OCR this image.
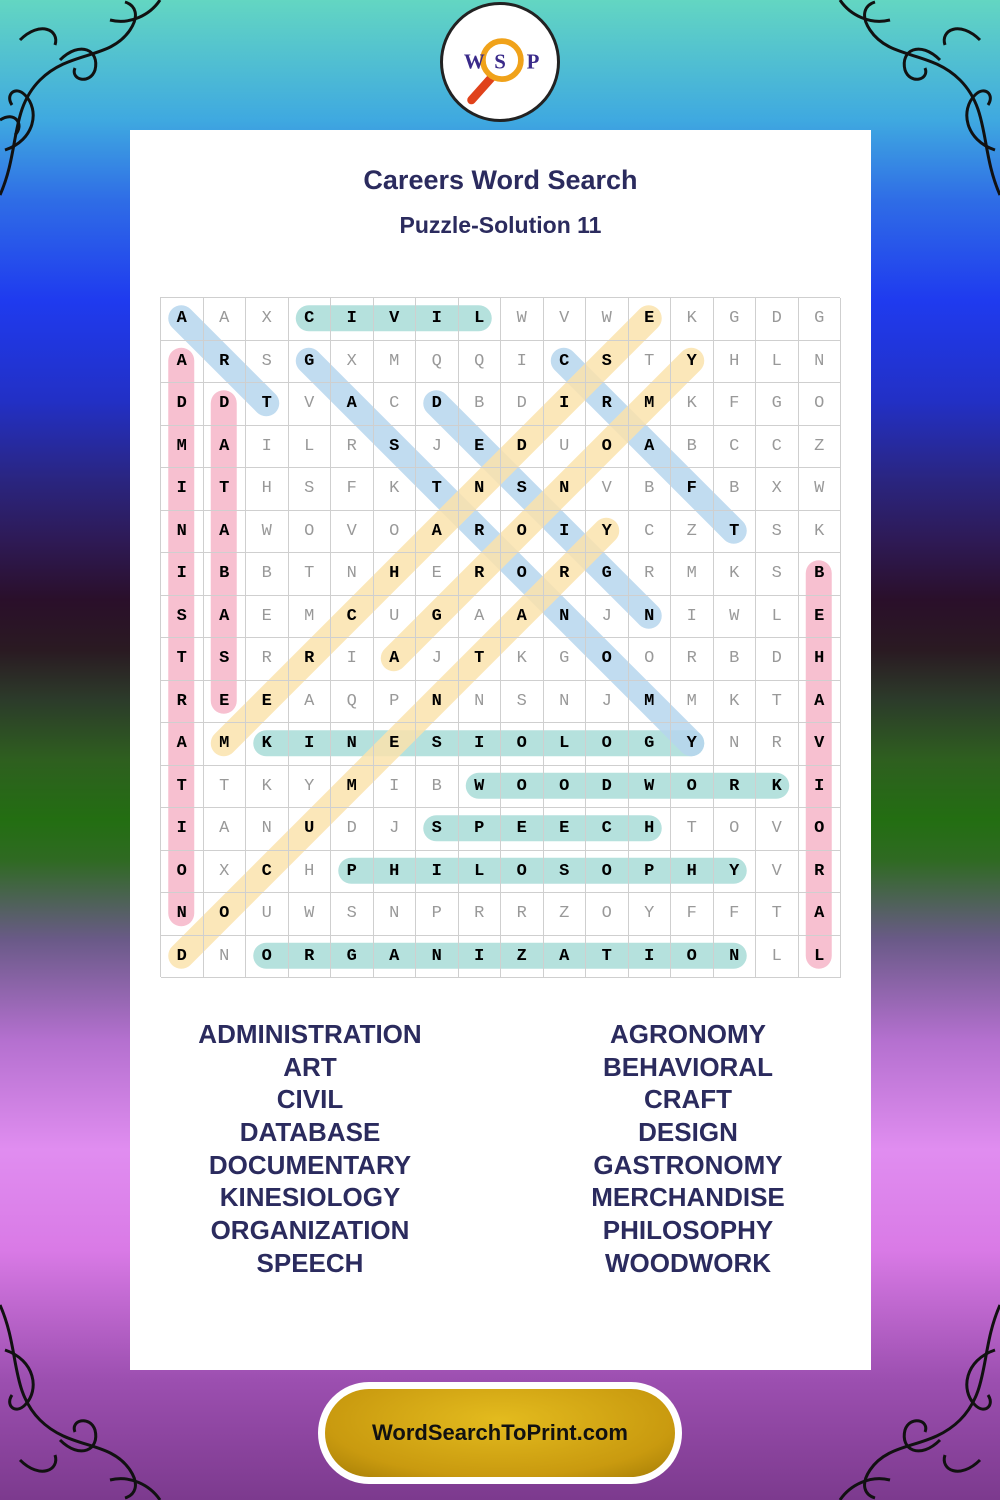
W S P
Careers Word Search
Puzzle-Solution 11
A	A	X	C	I	V	I	L	W	V	W	E	K	G	D	G
A	R	S	G	X	M	Q	Q	I	C	S	T	Y	H	L	N
D	D	T	V	A	C	D	B	D	I	R	M	K	F	G	O
M	A	I	L	R	S	J	E	D	U	O	A	B	C	C	Z
I	T	H	S	F	K	T	N	S	N	V	B	F	B	X	W
N	A	W	O	V	O	A	R	O	I	Y	C	Z	T	S	K
I	B	B	T	N	H	E	R	O	R	G	R	M	K	S	B
S	A	E	M	C	U	G	A	A	N	J	N	I	W	L	E
T	S	R	R	I	A	J	T	K	G	O	O	R	B	D	H
R	E	E	A	Q	P	N	N	S	N	J	M	M	K	T	A
A	M	K	I	N	E	S	I	O	L	O	G	Y	N	R	V
T	T	K	Y	M	I	B	W	O	O	D	W	O	R	K	I
I	A	N	U	D	J	S	P	E	E	C	H	T	O	V	O
O	X	C	H	P	H	I	L	O	S	O	P	H	Y	V	R
N	O	U	W	S	N	P	R	R	Z	O	Y	F	F	T	A
D	N	O	R	G	A	N	I	Z	A	T	I	O	N	L	L
ADMINISTRATION
ART
CIVIL
DATABASE
DOCUMENTARY
KINESIOLOGY
ORGANIZATION
SPEECH
AGRONOMY
BEHAVIORAL
CRAFT
DESIGN
GASTRONOMY
MERCHANDISE
PHILOSOPHY
WOODWORK
WordSearchToPrint.com
